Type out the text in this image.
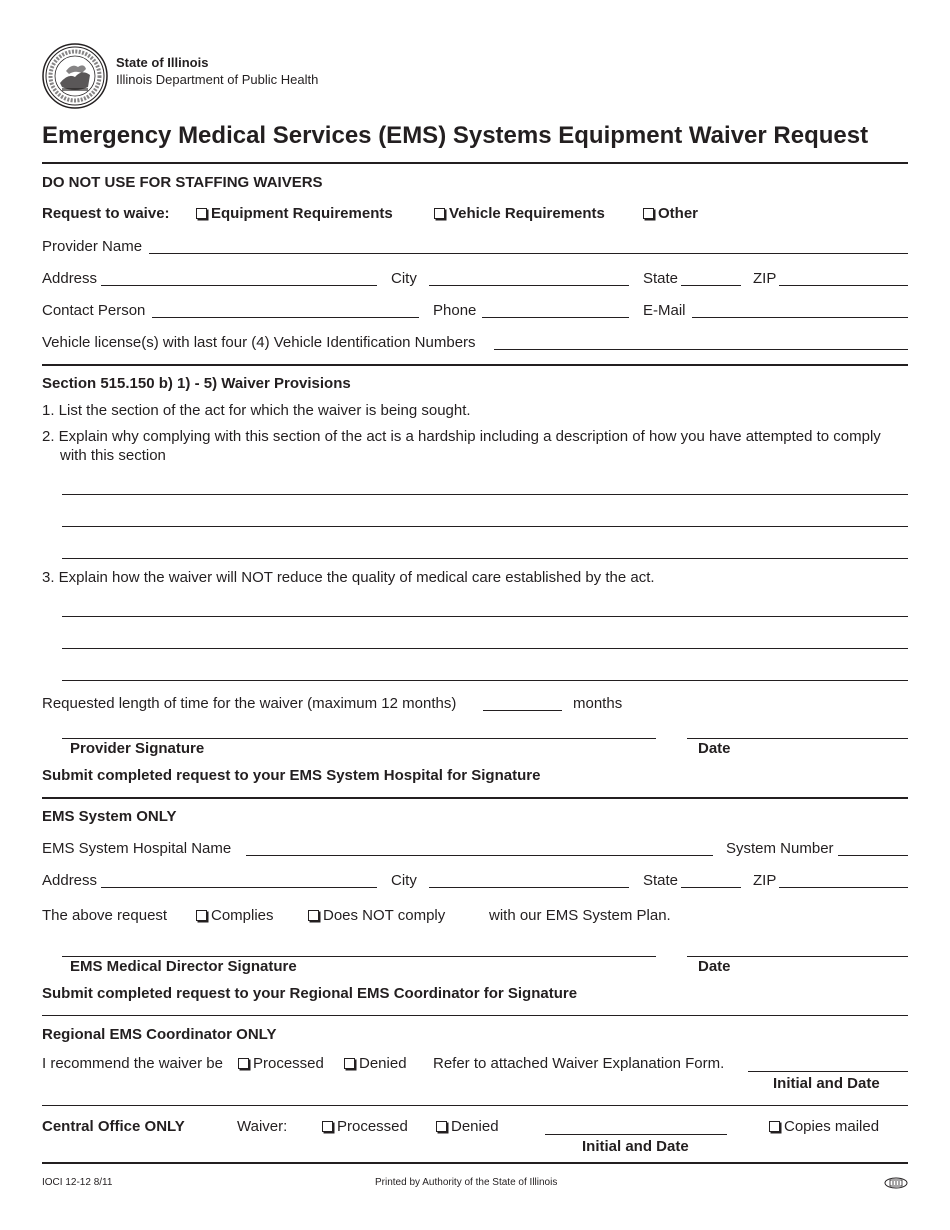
State of Illinois
Illinois Department of Public Health
Emergency Medical Services (EMS) Systems Equipment Waiver Request
DO NOT USE FOR STAFFING WAIVERS
Request to waive:	Equipment Requirements	Vehicle Requirements	Other
Provider Name
Address	City	State	ZIP
Contact Person	Phone	E-Mail
Vehicle license(s) with last four (4) Vehicle Identification Numbers
Section 515.150 b) 1) - 5) Waiver Provisions
1. List the section of the act for which the waiver is being sought.
2. Explain why complying with this section of the act is a hardship including a description of how you have attempted to comply
with this section
3. Explain how the waiver will NOT reduce the quality of medical care established by the act.
Requested length of time for the waiver (maximum 12 months)	months
Provider Signature	Date
Submit completed request to your EMS System Hospital for Signature
EMS System ONLY
EMS System Hospital Name	System Number
Address	City	State	ZIP
The above request	Complies	Does NOT comply	with our EMS System Plan.
EMS Medical Director Signature	Date
Submit completed request to your Regional EMS Coordinator for Signature
Regional EMS Coordinator ONLY
I recommend the waiver be	Processed	Denied Refer to attached Waiver Explanation Form.
Initial and Date
Central Office ONLY	Waiver:	Processed	Denied
Initial and Date
Copies mailed
IOCI 12-12 8/11	Printed by Authority of the State of Illinois
